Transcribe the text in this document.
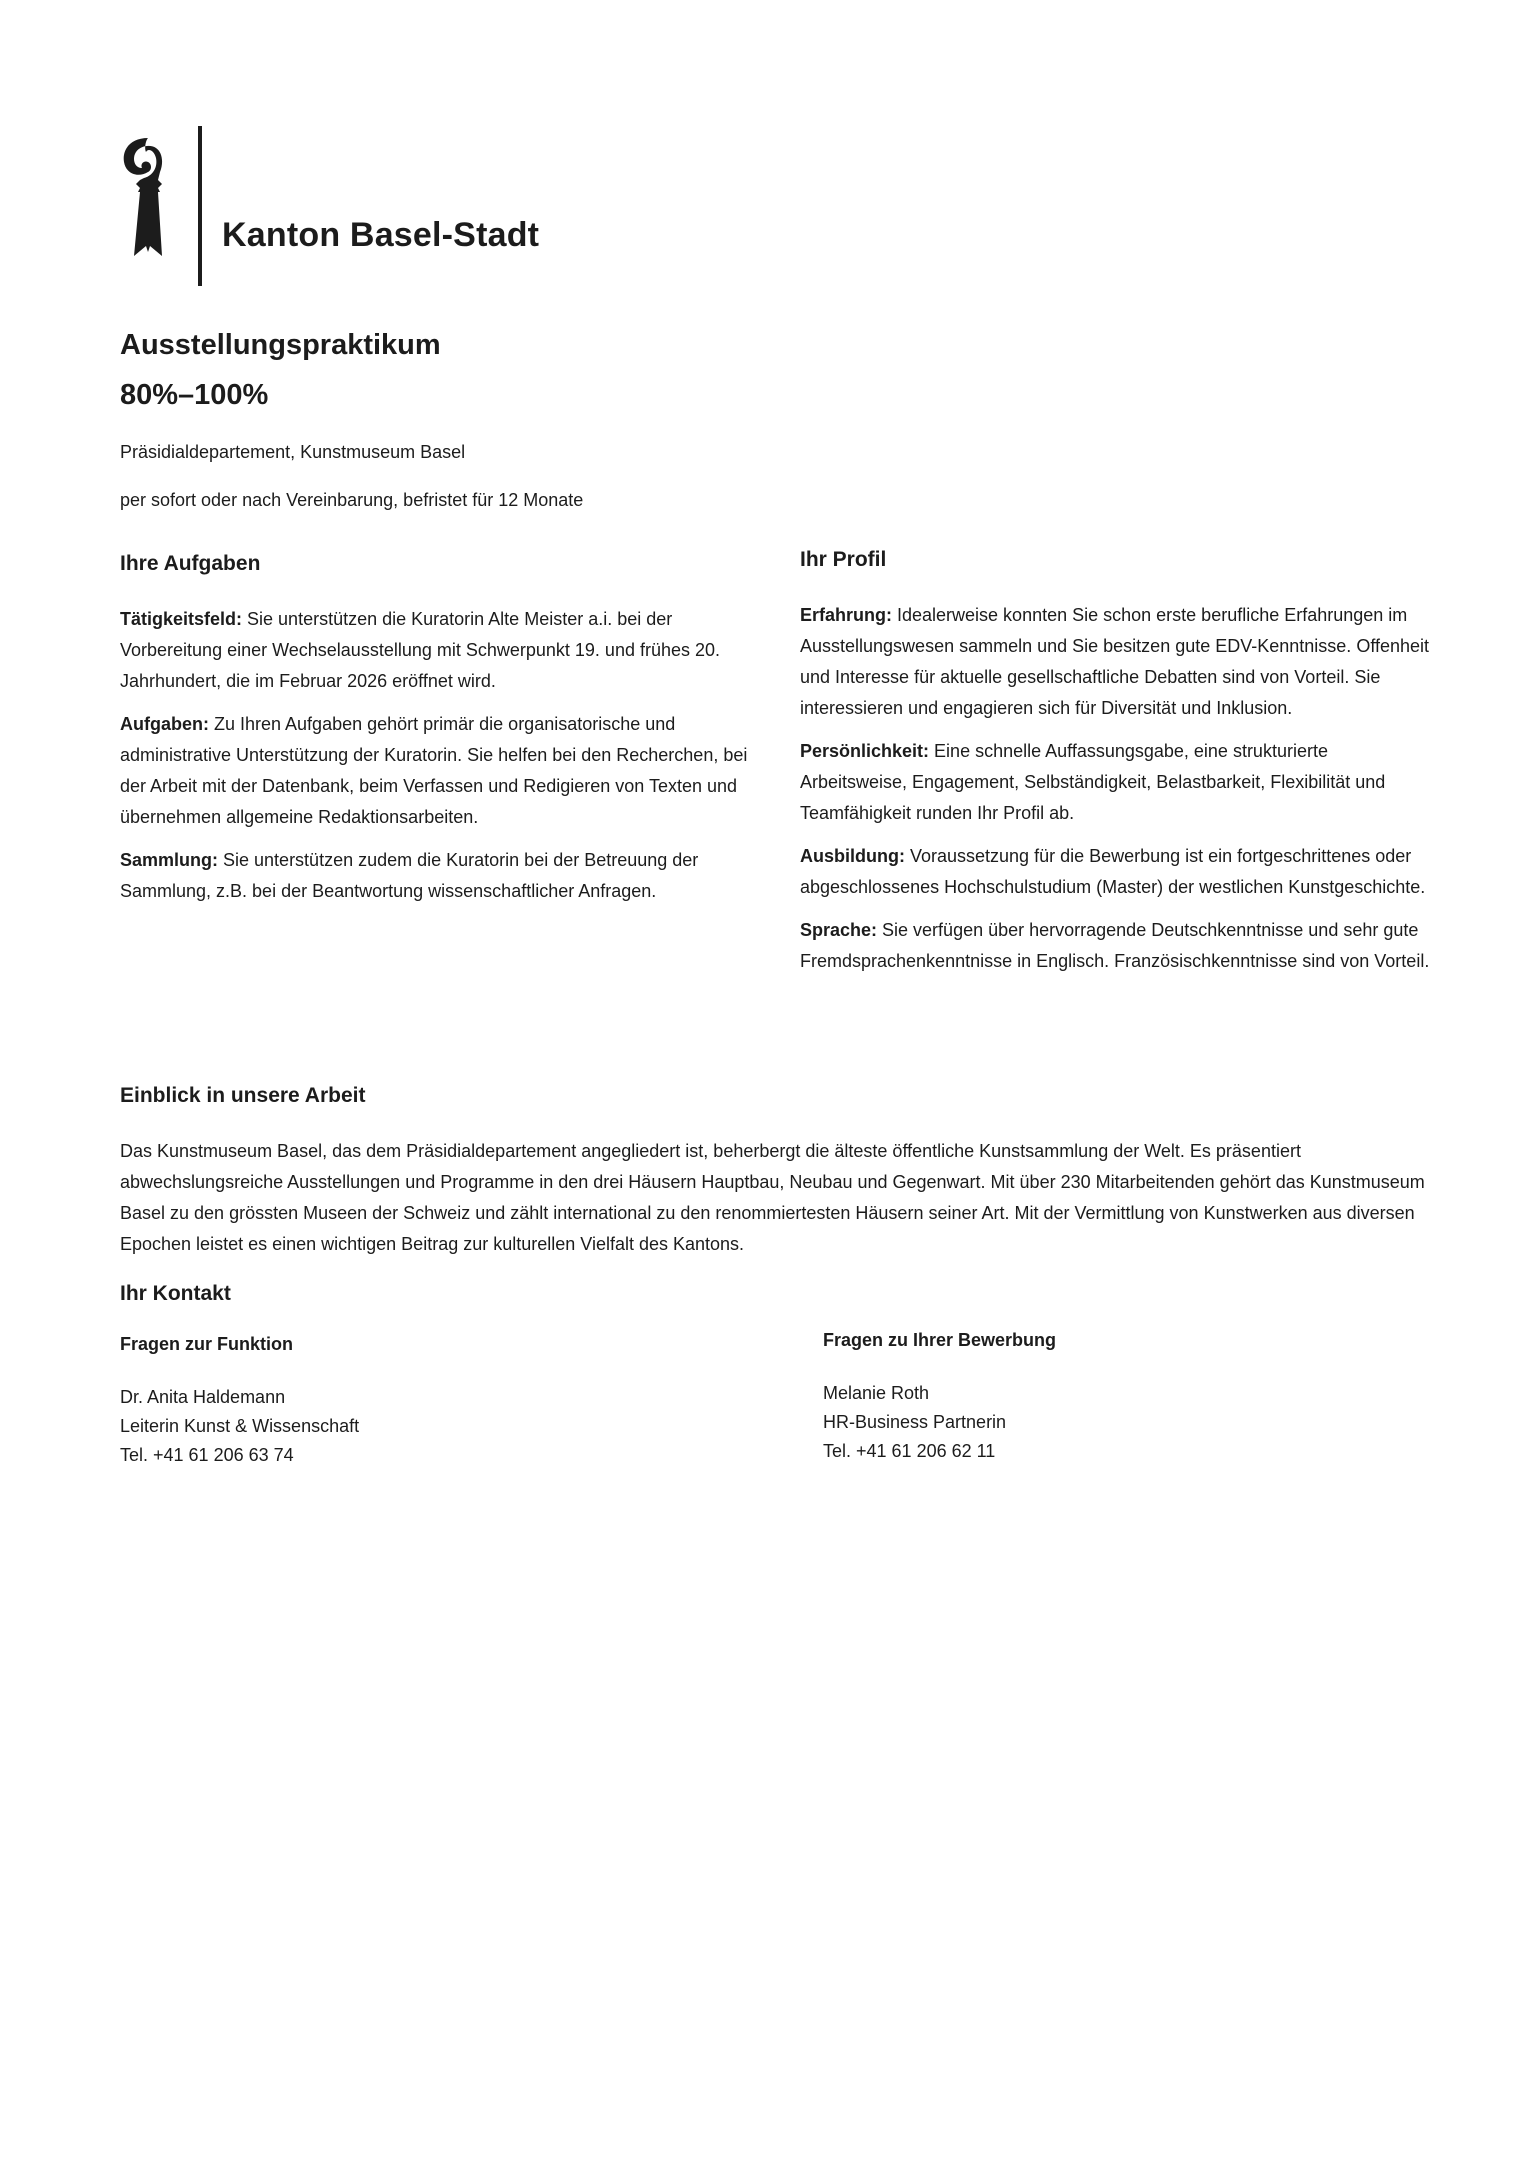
Kanton Basel-Stadt
Ausstellungspraktikum
80%–100%
Präsidialdepartement, Kunstmuseum Basel
per sofort oder nach Vereinbarung, befristet für 12 Monate
Ihre Aufgaben

Tätigkeitsfeld: Sie unterstützen die Kuratorin Alte Meister a.i. bei der Vorbereitung einer Wechselausstellung mit Schwerpunkt 19. und frühes 20. Jahrhundert, die im Februar 2026 eröffnet wird.

Aufgaben: Zu Ihren Aufgaben gehört primär die organisatorische und administrative Unterstützung der Kuratorin. Sie helfen bei den Recherchen, bei der Arbeit mit der Datenbank, beim Verfassen und Redigieren von Texten und übernehmen allgemeine Redaktionsarbeiten.

Sammlung: Sie unterstützen zudem die Kuratorin bei der Betreuung der Sammlung, z.B. bei der Beantwortung wissenschaftlicher Anfragen.

Ihr Profil

Erfahrung: Idealerweise konnten Sie schon erste berufliche Erfahrungen im Ausstellungswesen sammeln und Sie besitzen gute EDV-Kenntnisse. Offenheit und Interesse für aktuelle gesellschaftliche Debatten sind von Vorteil. Sie interessieren und engagieren sich für Diversität und Inklusion.

Persönlichkeit: Eine schnelle Auffassungsgabe, eine strukturierte Arbeitsweise, Engagement, Selbständigkeit, Belastbarkeit, Flexibilität und Teamfähigkeit runden Ihr Profil ab.

Ausbildung: Voraussetzung für die Bewerbung ist ein fortgeschrittenes oder abgeschlossenes Hochschulstudium (Master) der westlichen Kunstgeschichte.

Sprache: Sie verfügen über hervorragende Deutschkenntnisse und sehr gute Fremdsprachenkenntnisse in Englisch. Französischkenntnisse sind von Vorteil.

Einblick in unsere Arbeit

Das Kunstmuseum Basel, das dem Präsidialdepartement angegliedert ist, beherbergt die älteste öffentliche Kunstsammlung der Welt. Es präsentiert abwechslungsreiche Ausstellungen und Programme in den drei Häusern Hauptbau, Neubau und Gegenwart. Mit über 230 Mitarbeitenden gehört das Kunstmuseum Basel zu den grössten Museen der Schweiz und zählt international zu den renommiertesten Häusern seiner Art. Mit der Vermittlung von Kunstwerken aus diversen Epochen leistet es einen wichtigen Beitrag zur kulturellen Vielfalt des Kantons.

Ihr Kontakt
Fragen zur Funktion
Dr. Anita Haldemann
Leiterin Kunst & Wissenschaft
Tel. +41 61 206 63 74
Fragen zu Ihrer Bewerbung
Melanie Roth
HR-Business Partnerin
Tel. +41 61 206 62 11
